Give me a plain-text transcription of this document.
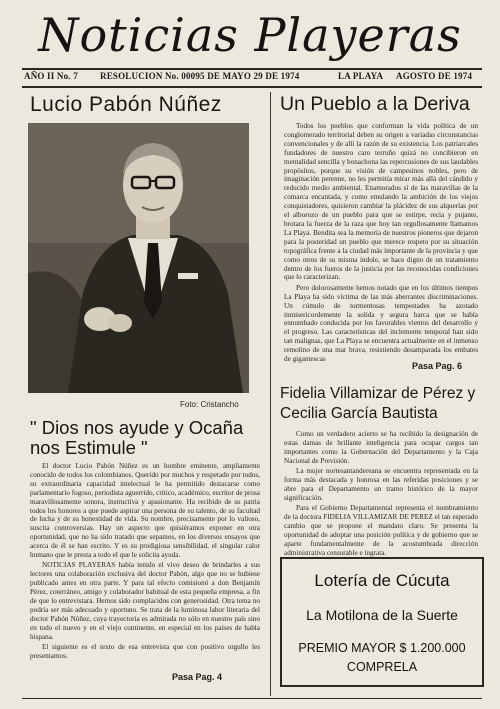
Noticias Playeras
AÑO II No. 7 RESOLUCION No. 00095 DE MAYO 29 DE 1974	LA PLAYA AGOSTO DE 1974
Lucio Pabón Núñez
Foto: Cristancho
" Dios nos ayude y Ocaña nos Estimule "

El doctor Lucio Pabón Núñez es un hombre eminente, ampliamente conocido de todos los colombianos. Querido por muchos y respetado por todos, su extraordinaria capacidad intelectual le ha permitido destacarse como parlamentario fogoso, periodista aguerrido, crítico, académico, escritor de prosa maravillosamente sonora, instructiva y apasionante. Ha recibido de su patria todos los honores a que puede aspirar una persona de su talento, de su facultad de lucha y de su honestidad de vida. Su nombre, precisamente por lo valioso, suscita controversias. Hay un aspecto que quisiéramos exponer en otra oportunidad, que no ha sido tratado que sepamos, en los diversos ensayos que acerca de él se han escrito. Y es su prodigiosa sensibilidad, el singular calor humano que le presta a todo el que le solicita ayuda.

NOTICIAS PLAYERAS había tenido el vivo deseo de brindarles a sus lectores una colaboración exclusiva del doctor Pabón, algo que no se hubiese publicado antes en otra parte. Y para tal efecto comisionó a don Benjamín Pérez, coterráneo, amigo y colaborador habitual de esta pequeña empresa, a fin de que lo entrevistara. Hemos sido complacidos con generosidad. Otra tema no podría ser más adecuado y oportuno. Se trata de la luminosa labor literaria del doctor Pabón Núñez, cuya trayectoria es admirada no sólo en nuestro país sino en todo el nuevo y en el viejo continente, en especial en los países de habla hispana.

El siguiente es el texto de esa entrevista que con positivo orgullo les presentamos.

Pasa Pag. 4
Un Pueblo a la Deriva

Todos los pueblos que conforman la vida política de un conglomerado territorial deben su origen a variadas circunstancias convencionales y de allí la razón de su existencia. Los patriarcales fundadores de nuestro caro terruño quizá no concibieron en mentalidad sencilla y bonachona las repercusiones de sus laudables propósitos, porque su visión de campesinos nobles, pero de imaginación perenne, no les permitía mirar más allá del cándido y reducido medio ambiental. Enamorados sí de las maravillas de la comarca encantada, y como emulando la ambición de los viejos conquistadores, quisieron cambiar la plácidez de sus alquerías por el alborozo de un pueblo para que se estirpe, recia y pujante, brotara la fuerza de la raza que hoy tan orgullosamente llamamos La Playa. Bendita sea la memoria de nuestros pioneros que dejaron para la posteridad un pueblo que merece respeto por su situación topográfica frente a la ciudad más importante de la provincia y que como otros de su misma índole, se hace digno de un tratamiento dentro de los fueros de la justicia por las reconocidas condiciones que lo caracterizan.

Pero dolorosamente hemos notado que en los últimos tiempos La Playa ha sido víctima de las más aberrantes discriminaciones. Un cúmulo de tormentosas tempestades ha azotado inmisericordemente la solida y segura barca que se había ennumbado conducida por los favorables vientos del desarrollo y el progreso. Las características del inclemente temporal han sido tan malignas, que La Playa se encuentra actualmente en el inmenso remolino de una mar brava, resistiendo desamparada los embates de gigantescas

Pasa Pag. 6
Fidelia Villamizar de Pérez y Cecilia García Bautista

Como un verdadero acierto se ha recibido la designación de estas damas de brillante inteligencia para ocupar cargos tan importantes como la Gobernación del Departamento y la Caja Nacional de Previsión.

La mujer nortesantandereana se encuentra representada en la forma más destacada y honrosa en las referidas posiciones y se abre para el Departamento un tramo histórico de la mayor significación.

Para el Gobierno Departamental representa el nombramiento de la doctora FIDELIA VILLAMIZAR DE PEREZ el tan esperado cambio que se propone el mandato claro. Se presenta la oportunidad de adoptar una posición política y de gobierno que se aparte fundamentalmente de la acostumbrada dirección administrativa censurable e ingrata.

Lotería de Cúcuta
La Motilona de la Suerte
PREMIO MAYOR $ 1.200.000
COMPRELA
